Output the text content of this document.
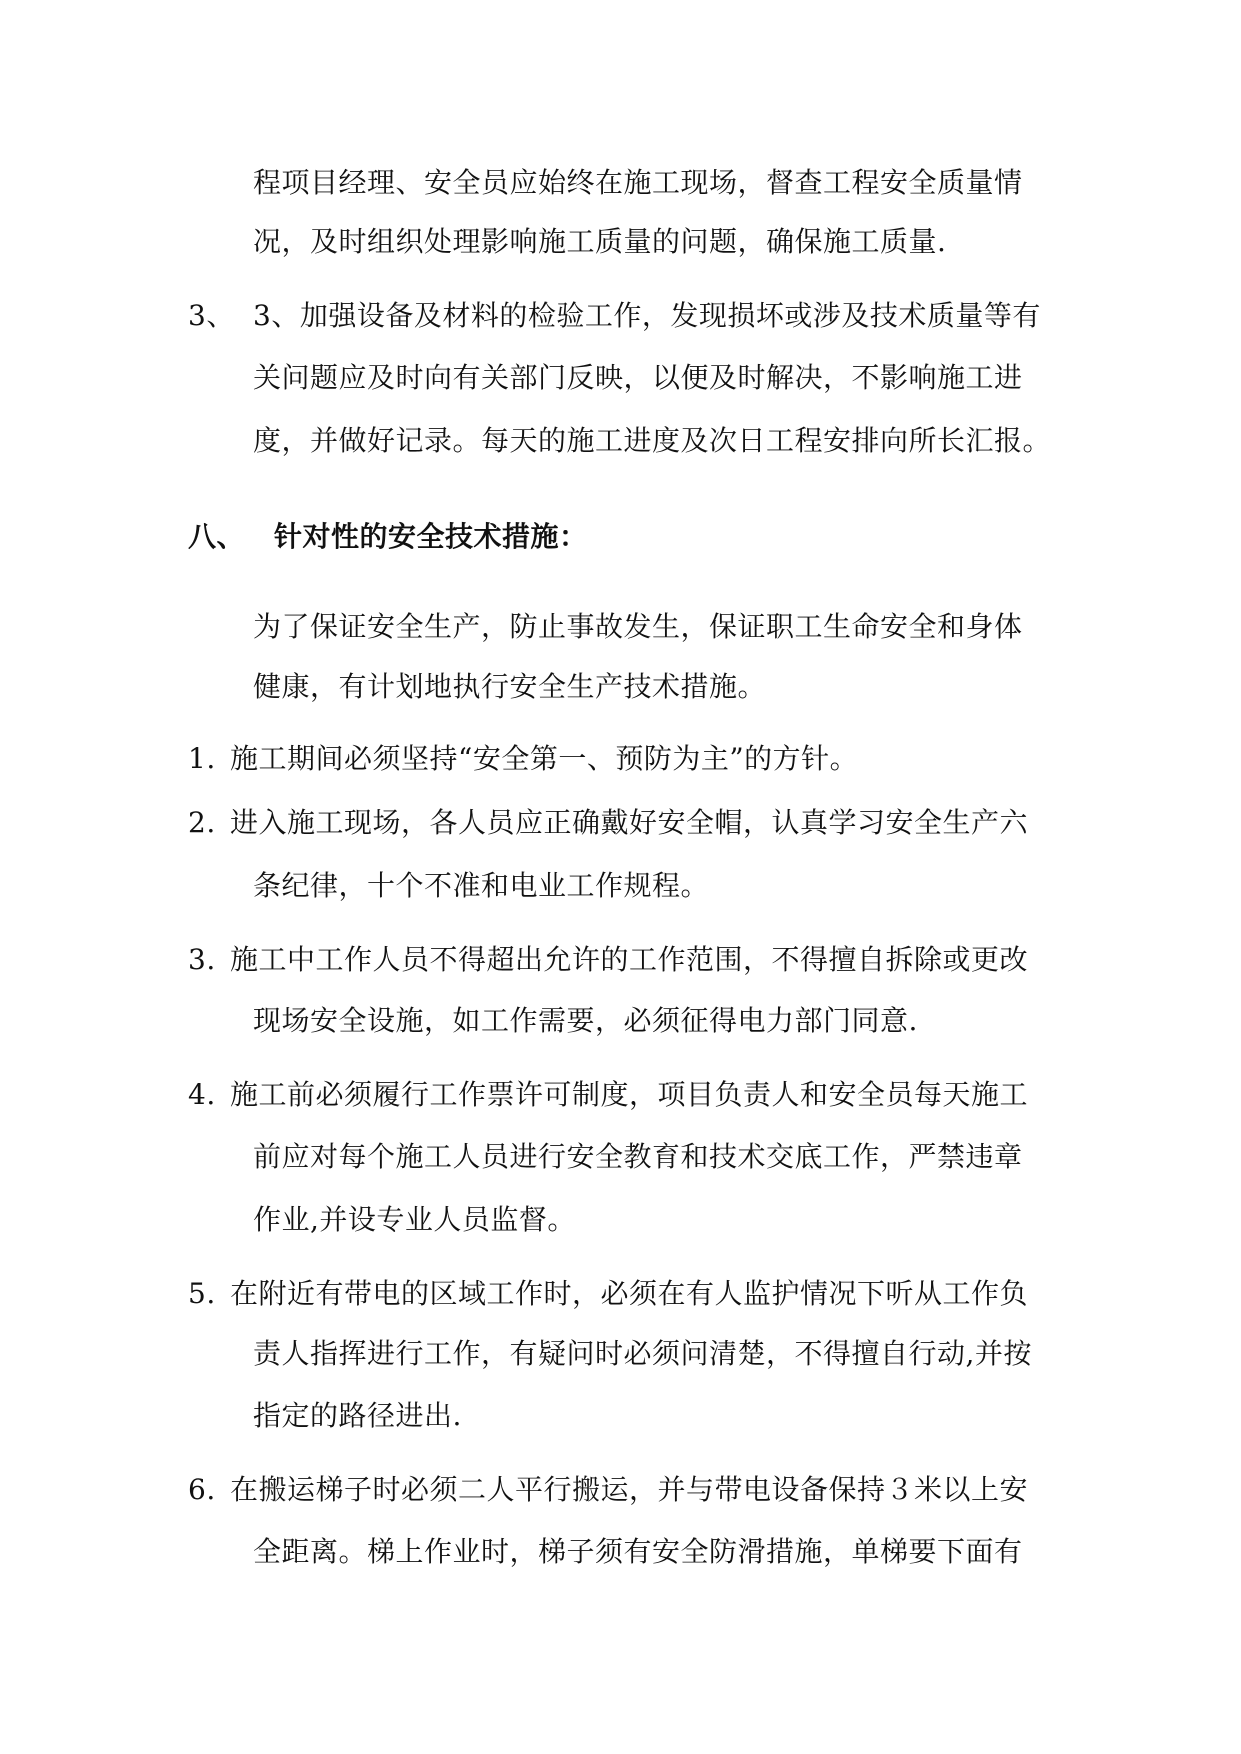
程项目经理、安全员应始终在施工现场，督查工程安全质量情
况，及时组织处理影响施工质量的问题，确保施工质量.
3、 3、加强设备及材料的检验工作，发现损坏或涉及技术质量等有
关问题应及时向有关部门反映，以便及时解决，不影响施工进
度，并做好记录。每天的施工进度及次日工程安排向所长汇报。
八、 针对性的安全技术措施：
为了保证安全生产，防止事故发生，保证职工生命安全和身体
健康，有计划地执行安全生产技术措施。
1. 施工期间必须坚持“安全第一、预防为主”的方针。
2. 进入施工现场，各人员应正确戴好安全帽，认真学习安全生产六
条纪律，十个不准和电业工作规程。
3. 施工中工作人员不得超出允许的工作范围，不得擅自拆除或更改
现场安全设施，如工作需要，必须征得电力部门同意.
4. 施工前必须履行工作票许可制度，项目负责人和安全员每天施工
前应对每个施工人员进行安全教育和技术交底工作，严禁违章
作业,并设专业人员监督。
5. 在附近有带电的区域工作时，必须在有人监护情况下听从工作负
责人指挥进行工作，有疑问时必须问清楚，不得擅自行动,并按
指定的路径进出.
6. 在搬运梯子时必须二人平行搬运，并与带电设备保持３米以上安
全距离。梯上作业时，梯子须有安全防滑措施，单梯要下面有
